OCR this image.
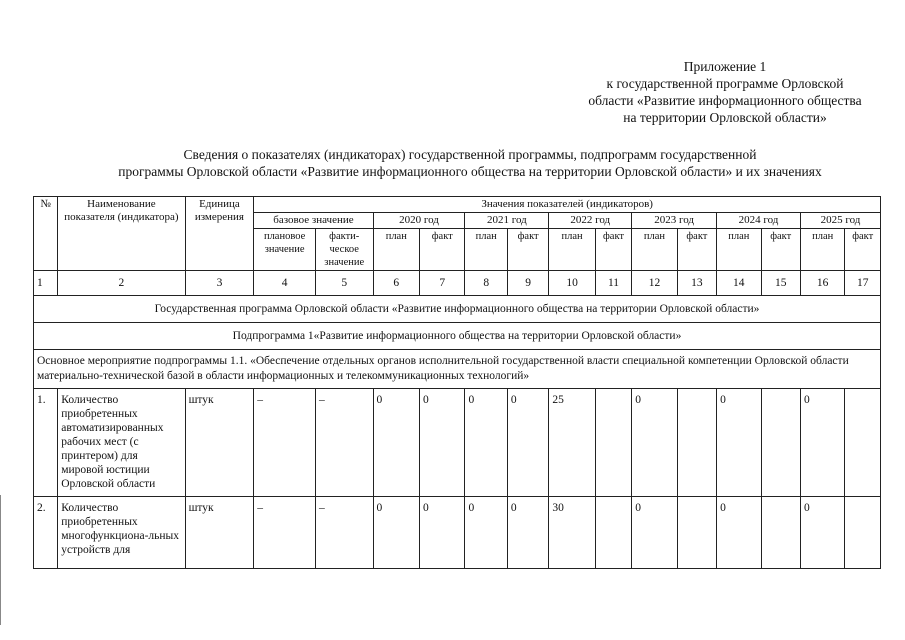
Приложение 1
к государственной программе Орловской
области «Развитие информационного общества
на территории Орловской области»
Сведения о показателях (индикаторах) государственной программы, подпрограмм государственной
программы Орловской области «Развитие информационного общества на территории Орловской области» и их значениях
№	Наименование показателя (индикатора)	Единица измерения	Значения показателей (индикаторов)													
			базовое значение		2020 год		2021 год		2022 год		2023 год		2024 год		2025 год	
			плановое значение	факти-ческое значение	план	факт	план	факт	план	факт	план	факт	план	факт	план	факт
1	2	3	4	5	6	7	8	9	10	11	12	13	14	15	16	17
Государственная программа Орловской области «Развитие информационного общества на территории Орловской области»																
Подпрограмма 1«Развитие информационного общества на территории Орловской области»																
Основное мероприятие подпрограммы 1.1. «Обеспечение отдельных органов исполнительной государственной власти специальной компетенции Орловской области материально-технической базой в области информационных и телекоммуникационных технологий»																
1.	Количество приобретенных автоматизированных рабочих мест (с принтером) для мировой юстиции Орловской области	штук	–	–	0	0	0	0	25		0		0		0	
2.	Количество приобретенных многофункциона-льных устройств для	штук	–	–	0	0	0	0	30		0		0		0	
